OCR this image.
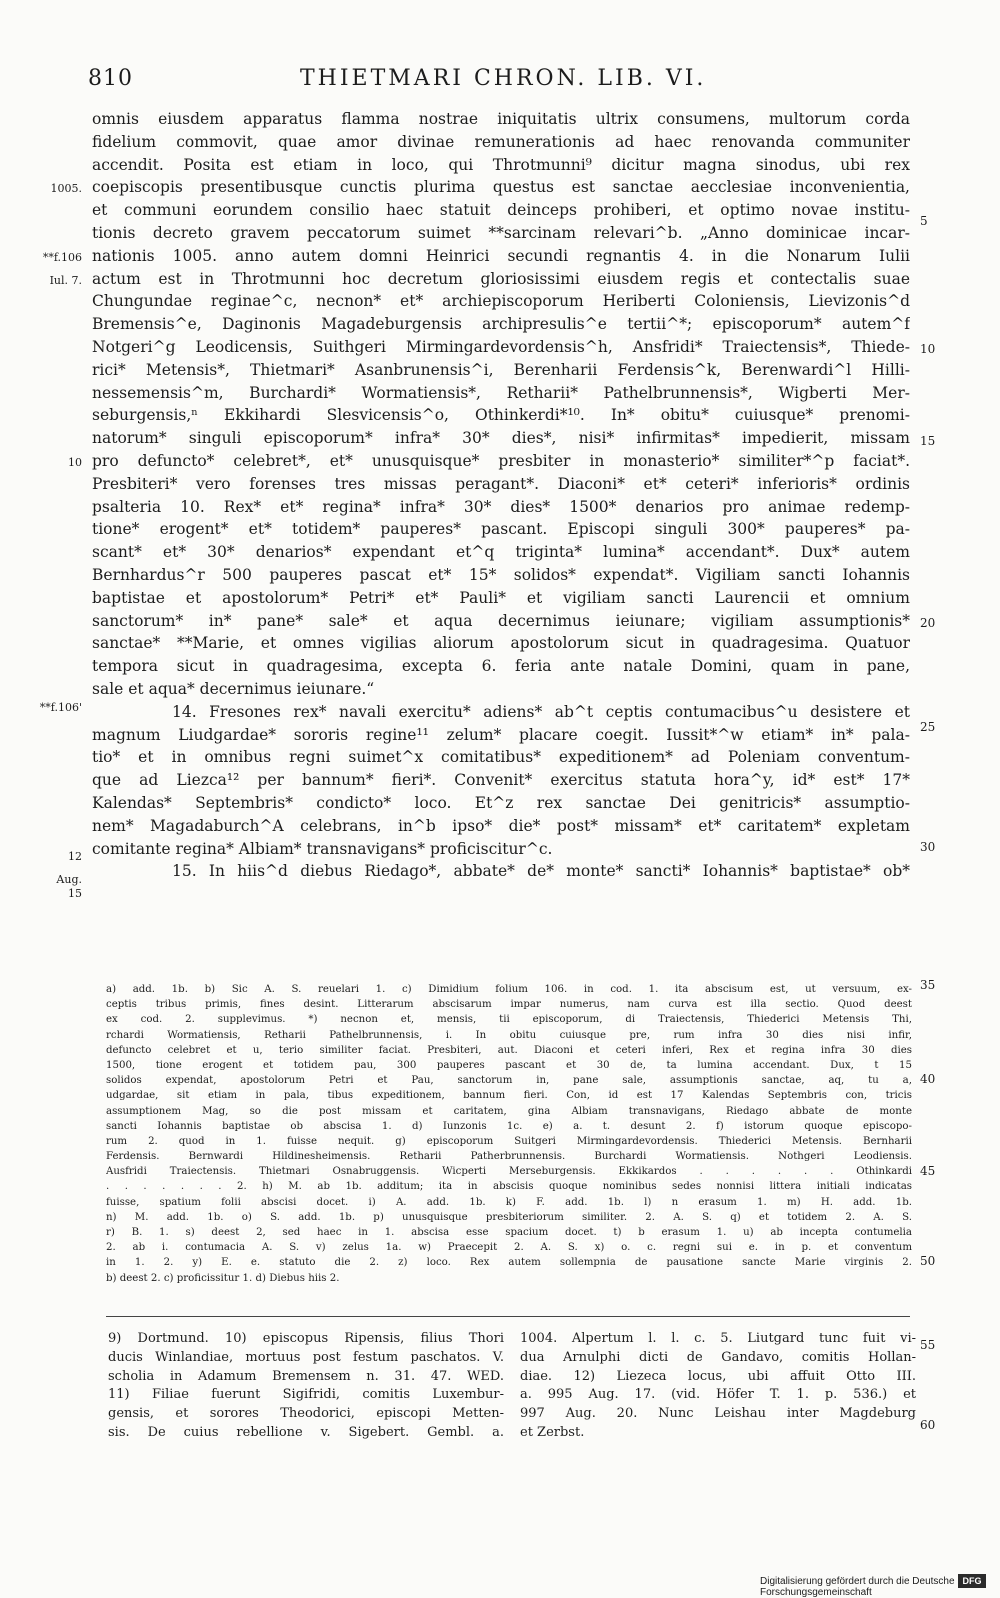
810	THIETMARI CHRON. LIB. VI.
1005.
**f.106
Iul. 7.
10
**f.106'
12
Aug.
15
5
10
15
20
25
30
35
40
45
50
55
60
omnis eiusdem apparatus flamma nostrae iniquitatis ultrix consumens, multorum corda
fidelium commovit, quae amor divinae remunerationis ad haec renovanda communiter
accendit. Posita est etiam in loco, qui Throtmunni⁹ dicitur magna sinodus, ubi rex
coepiscopis presentibusque cunctis plurima questus est sanctae aecclesiae inconvenientia,
et communi eorundem consilio haec statuit deinceps prohiberi, et optimo novae institu-
tionis decreto gravem peccatorum suimet **sarcinam relevari^b. „Anno dominicae incar-
nationis 1005. anno autem domni Heinrici secundi regnantis 4. in die Nonarum Iulii
actum est in Throtmunni hoc decretum gloriosissimi eiusdem regis et contectalis suae
Chungundae reginae^c, necnon* et* archiepiscoporum Heriberti Coloniensis, Lievizonis^d
Bremensis^e, Daginonis Magadeburgensis archipresulis^e tertii^*; episcoporum* autem^f
Notgeri^g Leodicensis, Suithgeri Mirmingardevordensis^h, Ansfridi* Traiectensis*, Thiede-
rici* Metensis*, Thietmari* Asanbrunensis^i, Berenharii Ferdensis^k, Berenwardi^l Hilli-
nessemensis^m, Burchardi* Wormatiensis*, Retharii* Pathelbrunnensis*, Wigberti Mer-
seburgensis,ⁿ Ekkihardi Slesvicensis^o, Othinkerdi*¹⁰. In* obitu* cuiusque* prenomi-
natorum* singuli episcoporum* infra* 30* dies*, nisi* infirmitas* impedierit, missam
pro defuncto* celebret*, et* unusquisque* presbiter in monasterio* similiter*^p faciat*.
Presbiteri* vero forenses tres missas peragant*. Diaconi* et* ceteri* inferioris* ordinis
psalteria 10. Rex* et* regina* infra* 30* dies* 1500* denarios pro animae redemp-
tione* erogent* et* totidem* pauperes* pascant. Episcopi singuli 300* pauperes* pa-
scant* et* 30* denarios* expendant et^q triginta* lumina* accendant*. Dux* autem
Bernhardus^r 500 pauperes pascat et* 15* solidos* expendat*. Vigiliam sancti Iohannis
baptistae et apostolorum* Petri* et* Pauli* et vigiliam sancti Laurencii et omnium
sanctorum* in* pane* sale* et aqua decernimus ieiunare; vigiliam assumptionis*
sanctae* **Marie, et omnes vigilias aliorum apostolorum sicut in quadragesima. Quatuor
tempora sicut in quadragesima, excepta 6. feria ante natale Domini, quam in pane,
sale et aqua* decernimus ieiunare.“
14. Fresones rex* navali exercitu* adiens* ab^t ceptis contumacibus^u desistere et
magnum Liudgardae* sororis regine¹¹ zelum* placare coegit. Iussit*^w etiam* in* pala-
tio* et in omnibus regni suimet^x comitatibus* expeditionem* ad Poleniam conventum-
que ad Liezca¹² per bannum* fieri*. Convenit* exercitus statuta hora^y, id* est* 17*
Kalendas* Septembris* condicto* loco. Et^z rex sanctae Dei genitricis* assumptio-
nem* Magadaburch^A celebrans, in^b ipso* die* post* missam* et* caritatem* expletam
comitante regina* Albiam* transnavigans* proficiscitur^c.
15. In hiis^d diebus Riedago*, abbate* de* monte* sancti* Iohannis* baptistae* ob*
a) add. 1b. b) Sic A. S. reuelari 1. c) Dimidium folium 106. in cod. 1. ita abscisum est, ut versuum, ex-
ceptis tribus primis, fines desint. Litterarum abscisarum impar numerus, nam curva est illa sectio. Quod deest
ex cod. 2. supplevimus. *) necnon et, mensis, tii episcoporum, di Traiectensis, Thiederici Metensis Thi,
rchardi Wormatiensis, Retharii Pathelbrunnensis, i. In obitu cuiusque pre, rum infra 30 dies nisi infir,
defuncto celebret et u, terio similiter faciat. Presbiteri, aut. Diaconi et ceteri inferi, Rex et regina infra 30 dies
1500, tione erogent et totidem pau, 300 pauperes pascant et 30 de, ta lumina accendant. Dux, t 15
solidos expendat, apostolorum Petri et Pau, sanctorum in, pane sale, assumptionis sanctae, aq, tu a,
udgardae, sit etiam in pala, tibus expeditionem, bannum fieri. Con, id est 17 Kalendas Septembris con, tricis
assumptionem Mag, so die post missam et caritatem, gina Albiam transnavigans, Riedago abbate de monte
sancti Iohannis baptistae ob abscisa 1. d) Iunzonis 1c. e) a. t. desunt 2. f) istorum quoque episcopo-
rum 2. quod in 1. fuisse nequit. g) episcoporum Suitgeri Mirmingardevordensis. Thiederici Metensis. Bernharii
Ferdensis. Bernwardi Hildinesheimensis. Retharii Patherbrunnensis. Burchardi Wormatiensis. Nothgeri Leodiensis.
Ausfridi Traiectensis. Thietmari Osnabruggensis. Wicperti Merseburgensis. Ekkikardos . . . . . . Othinkardi
. . . . . . . 2. h) M. ab 1b. additum; ita in abscisis quoque nominibus sedes nonnisi littera initiali indicatas
fuisse, spatium folii abscisi docet. i) A. add. 1b. k) F. add. 1b. l) n erasum 1. m) H. add. 1b.
n) M. add. 1b. o) S. add. 1b. p) unusquisque presbiteriorum similiter. 2. A. S. q) et totidem 2. A. S.
r) B. 1. s) deest 2, sed haec in 1. abscisa esse spacium docet. t) b erasum 1. u) ab incepta contumelia
2. ab i. contumacia A. S. v) zelus 1a. w) Praecepit 2. A. S. x) o. c. regni sui e. in p. et conventum
in 1. 2. y) E. e. statuto die 2. z) loco. Rex autem sollempnia de pausatione sancte Marie virginis 2.
b) deest 2. c) proficissitur 1. d) Diebus hiis 2.
9) Dortmund. 10) episcopus Ripensis, filius Thori
ducis Winlandiae, mortuus post festum paschatos. V.
scholia in Adamum Bremensem n. 31. 47. WED.
11) Filiae fuerunt Sigifridi, comitis Luxembur-
gensis, et sorores Theodorici, episcopi Metten-
sis. De cuius rebellione v. Sigebert. Gembl. a.
1004. Alpertum l. l. c. 5. Liutgard tunc fuit vi-
dua Arnulphi dicti de Gandavo, comitis Hollan-
diae. 12) Liezeca locus, ubi affuit Otto III.
a. 995 Aug. 17. (vid. Höfer T. 1. p. 536.) et
997 Aug. 20. Nunc Leishau inter Magdeburg
et Zerbst.
Digitalisierung gefördert durch die Deutsche Forschungsgemeinschaft
DFG
